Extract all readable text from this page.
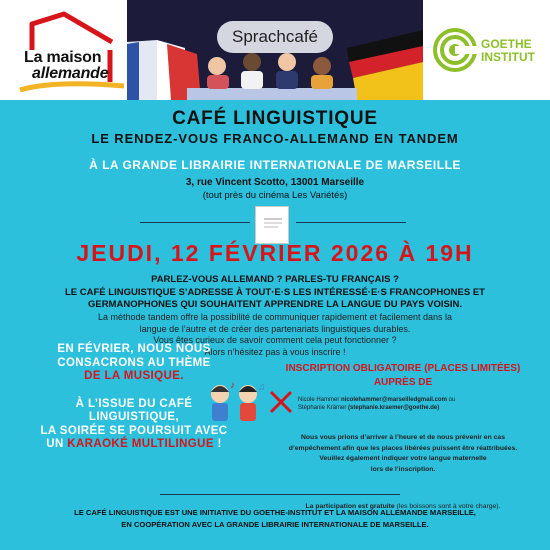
La maison
allemande
Sprachcafé	GOETHE
INSTITUT
CAFÉ LINGUISTIQUE
LE RENDEZ-VOUS FRANCO-ALLEMAND EN TANDEM
À LA GRANDE LIBRAIRIE INTERNATIONALE DE MARSEILLE
3, rue Vincent Scotto, 13001 Marseille
(tout près du cinéma Les Variétés)
JEUDI, 12 FÉVRIER 2026 À 19H
PARLEZ-VOUS ALLEMAND ? PARLES-TU FRANÇAIS ?
LE CAFÉ LINGUISTIQUE S’ADRESSE À TOUT·E·S LES INTÉRESSÉ·E·S FRANCOPHONES ET
GERMANOPHONES QUI SOUHAITENT APPRENDRE LA LANGUE DU PAYS VOISIN.
La méthode tandem offre la possibilité de communiquer rapidement et facilement dans la
langue de l’autre et de créer des partenariats linguistiques durables.
Vous êtes curieux de savoir comment cela peut fonctionner ?
Alors n’hésitez pas à vous inscrire !
EN FÉVRIER, NOUS NOUS
CONSACRONS AU THÈME
DE LA MUSIQUE.
À L’ISSUE DU CAFÉ
LINGUISTIQUE,
LA SOIRÉE SE POURSUIT AVEC
UN KARAOKÉ MULTILINGUE !
♪ ♫
INSCRIPTION OBLIGATOIRE (PLACES LIMITÉES)
AUPRÈS DE
Nicole Hammer nicolehammer@marseilledgmail.com ou
Stéphanie Krämer (stephanie.kraemer@goethe.de)
Nous vous prions d’arriver à l’heure et de nous prévenir en cas
d’empêchement afin que les places libérées puissent être réattribuées.
Veuillez également indiquer votre langue maternelle
lors de l’inscription.
La participation est gratuite (les boissons sont à votre charge).
LE CAFÉ LINGUISTIQUE EST UNE INITIATIVE DU GOETHE-INSTITUT ET LA MAISON ALLEMANDE MARSEILLE,
EN COOPÉRATION AVEC LA GRANDE LIBRAIRIE INTERNATIONALE DE MARSEILLE.
